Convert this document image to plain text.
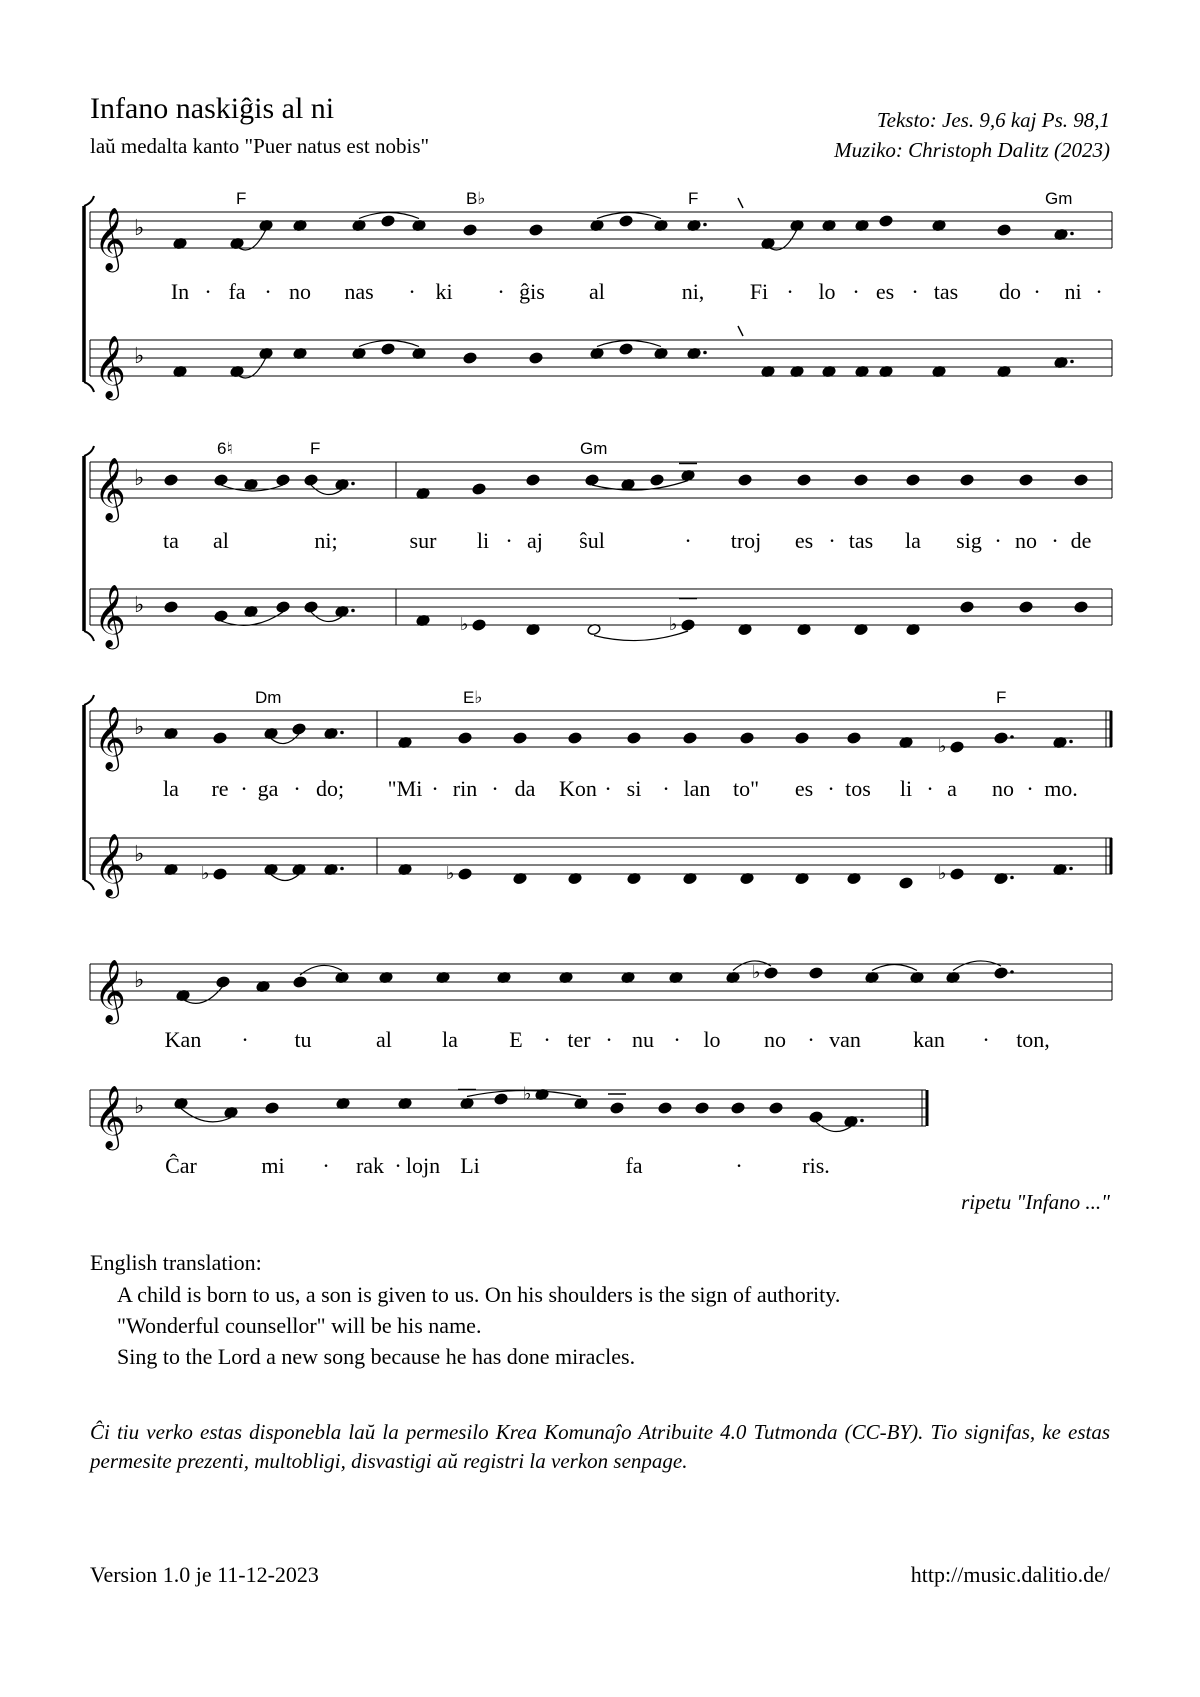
Infano naskiĝis al ni
laŭ medalta kanto "Puer natus est nobis"
Teksto: Jes. 9,6 kaj Ps. 98,1
Muziko: Christoph Dalitz (2023)
𝄞 ♭
𝄞 ♭
F	B♭	F	Gm
In fa no nas	ki	ĝis al	ni, Fi lo es tas do ni
· ·	·	·	·	· ·	· ·
𝄞 ♭
𝄞 ♭
♭	♭
6♮	F	Gm
ta al	ni;	sur li aj ŝul	troj es tas la sig no de
·	·	·	· ·
𝄞 ♭
𝄞 ♭
♭
♭	♭	♭
Dm	E♭	F
la re ga do; "Mi rin da Kon si lan to" es tos li a no mo.
· ·	· ·	· ·	·	·	·
𝄞 ♭	♭
Kan	tu	al la E ter nu lo no van kan	ton,
·	· ·	·	·	·
𝄞 ♭	♭
Ĉar	mi	rak lojn Li	fa	ris.
·	·	·
ripetu "Infano ..."
English translation:
A child is born to us, a son is given to us. On his shoulders is the sign of authority.
"Wonderful counsellor" will be his name.
Sing to the Lord a new song because he has done miracles.
Ĉi tiu verko estas disponebla laŭ la permesilo Krea Komunaĵo Atribuite 4.0 Tutmonda (CC-BY). Tio signifas, ke estas permesite prezenti, multobligi, disvastigi aŭ registri la verkon senpage.
Version 1.0 je 11-12-2023	http://music.dalitio.de/
